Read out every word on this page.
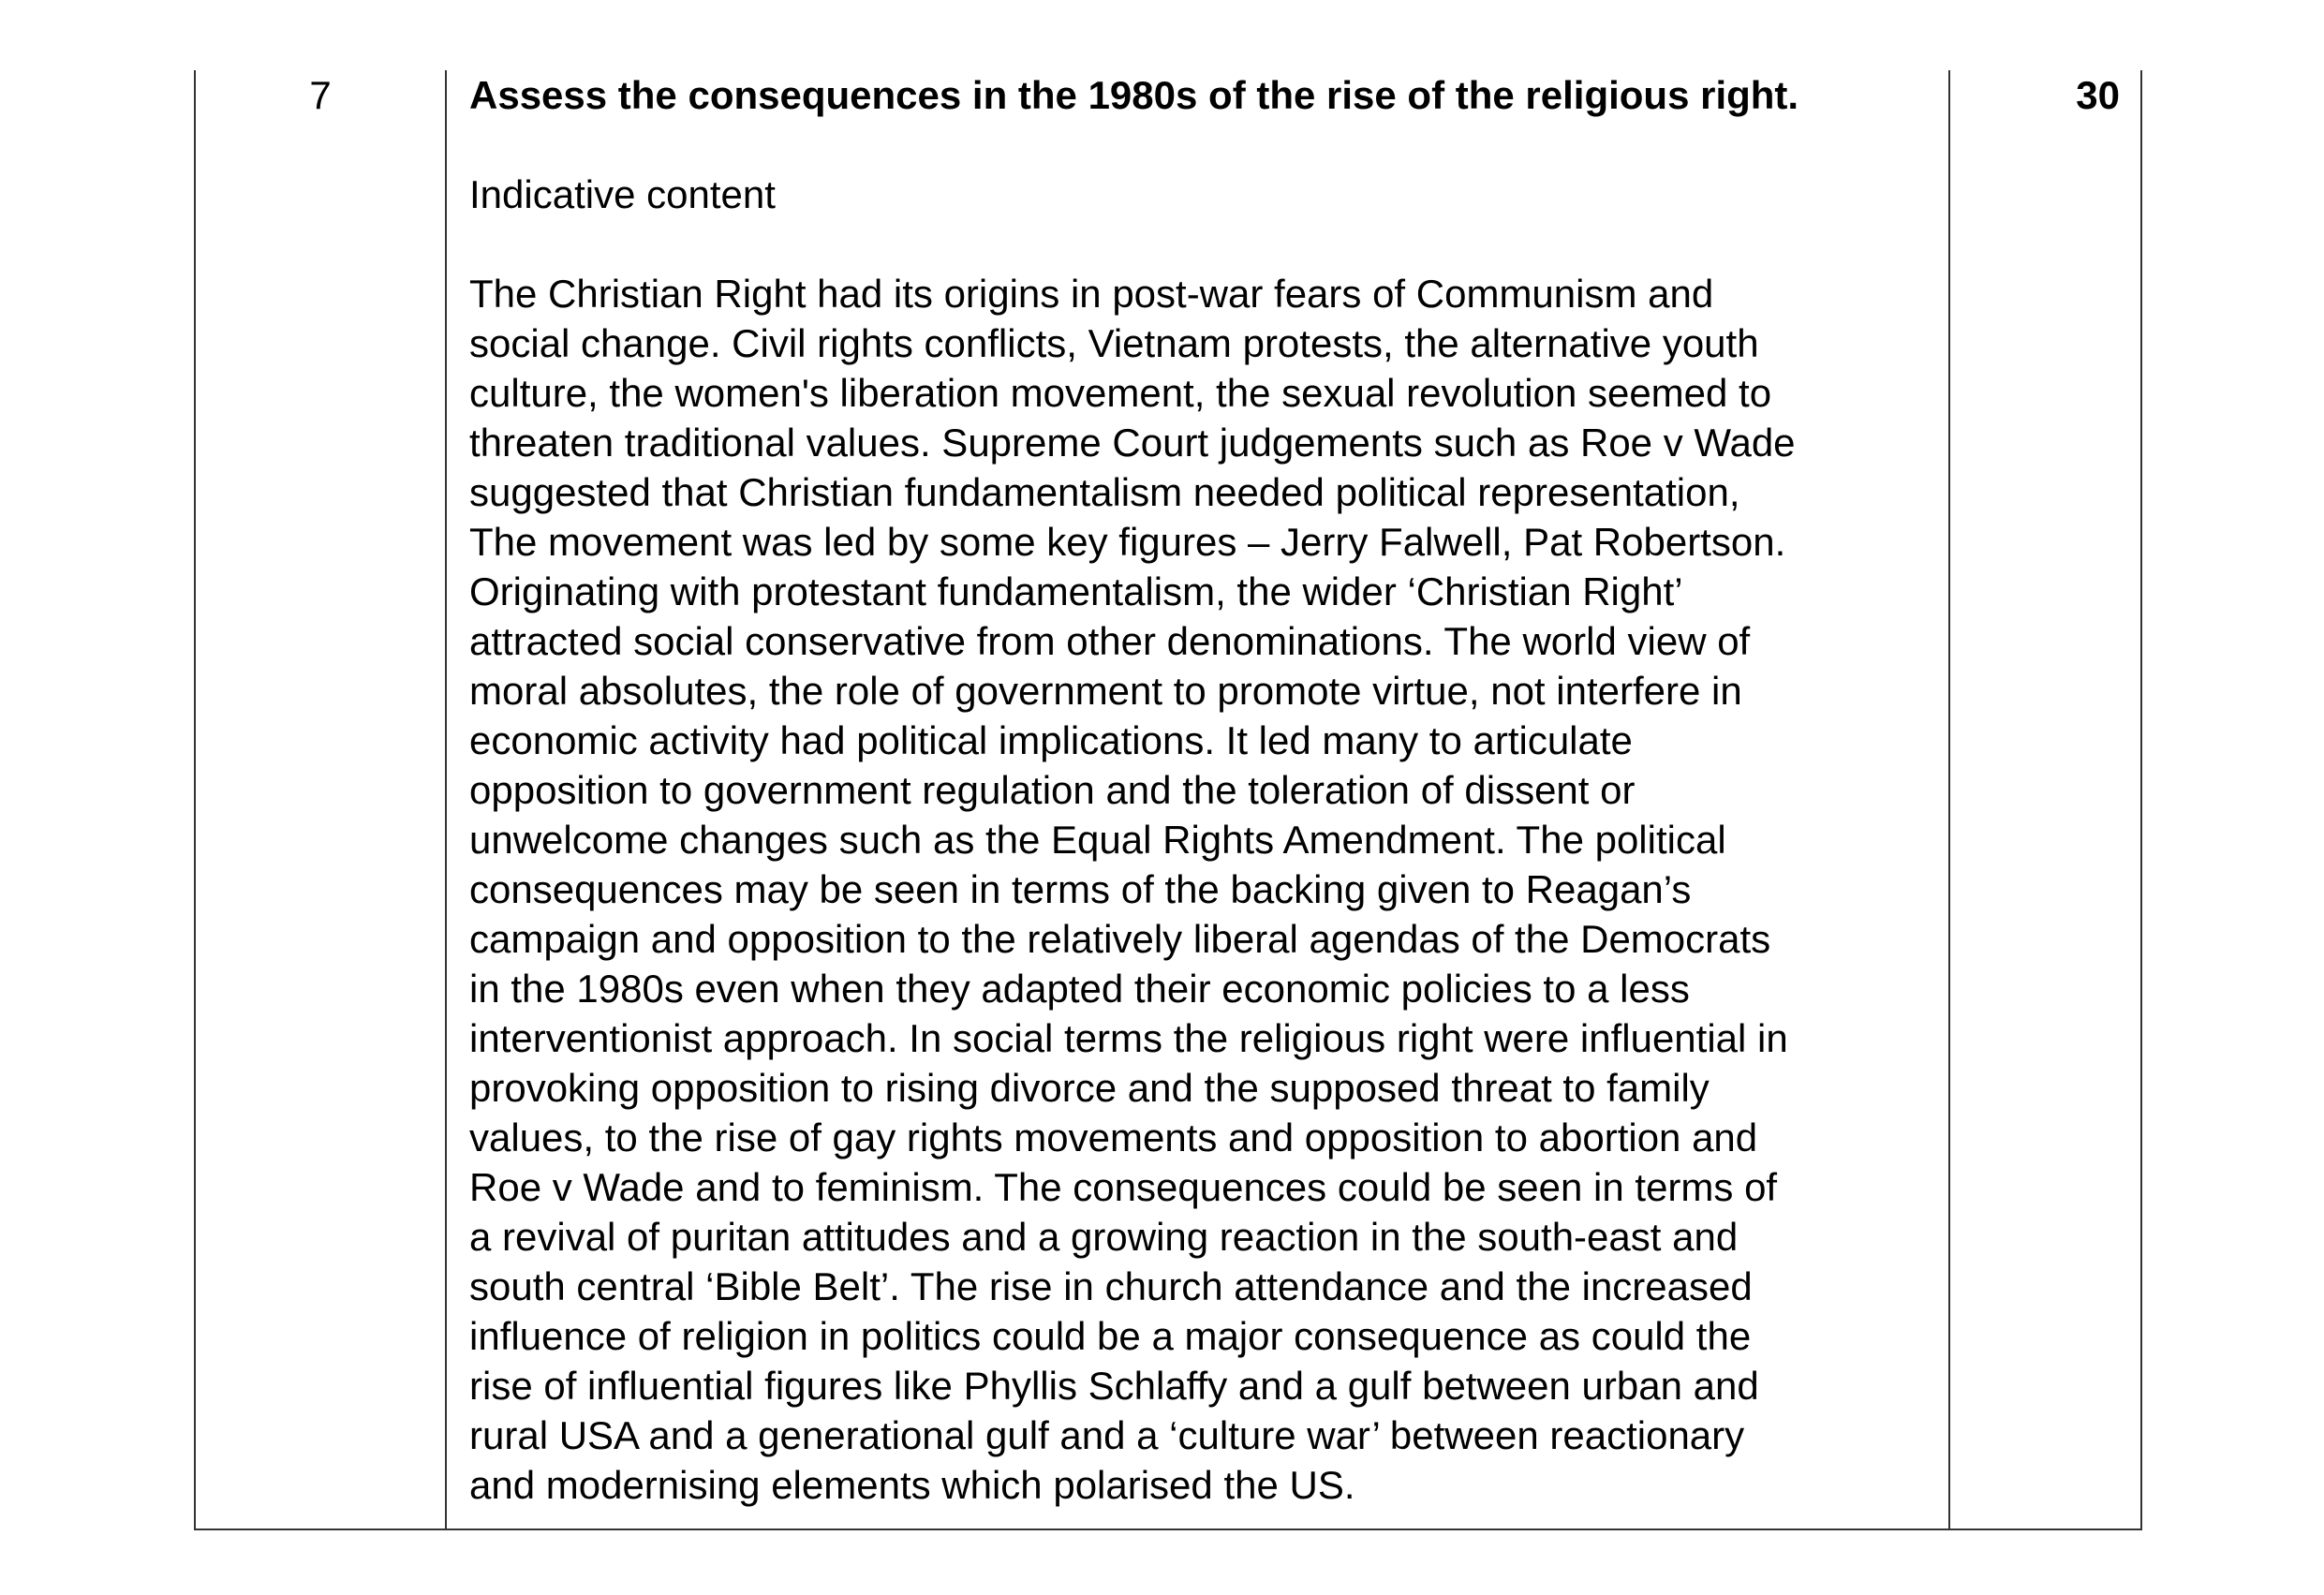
7	Assess the consequences in the 1980s of the rise of the religious right.

Indicative content

The Christian Right had its origins in post-war fears of Communism and
social change. Civil rights conflicts, Vietnam protests, the alternative youth
culture, the women's liberation movement, the sexual revolution seemed to
threaten traditional values. Supreme Court judgements such as Roe v Wade
suggested that Christian fundamentalism needed political representation,
The movement was led by some key figures – Jerry Falwell, Pat Robertson.
Originating with protestant fundamentalism, the wider ‘Christian Right’
attracted social conservative from other denominations. The world view of
moral absolutes, the role of government to promote virtue, not interfere in
economic activity had political implications. It led many to articulate
opposition to government regulation and the toleration of dissent or
unwelcome changes such as the Equal Rights Amendment. The political
consequences may be seen in terms of the backing given to Reagan’s
campaign and opposition to the relatively liberal agendas of the Democrats
in the 1980s even when they adapted their economic policies to a less
interventionist approach. In social terms the religious right were influential in
provoking opposition to rising divorce and the supposed threat to family
values, to the rise of gay rights movements and opposition to abortion and
Roe v Wade and to feminism. The consequences could be seen in terms of
a revival of puritan attitudes and a growing reaction in the south-east and
south central ‘Bible Belt’. The rise in church attendance and the increased
influence of religion in politics could be a major consequence as could the
rise of influential figures like Phyllis Schlaffy and a gulf between urban and
rural USA and a generational gulf and a ‘culture war’ between reactionary
and modernising elements which polarised the US.
30
